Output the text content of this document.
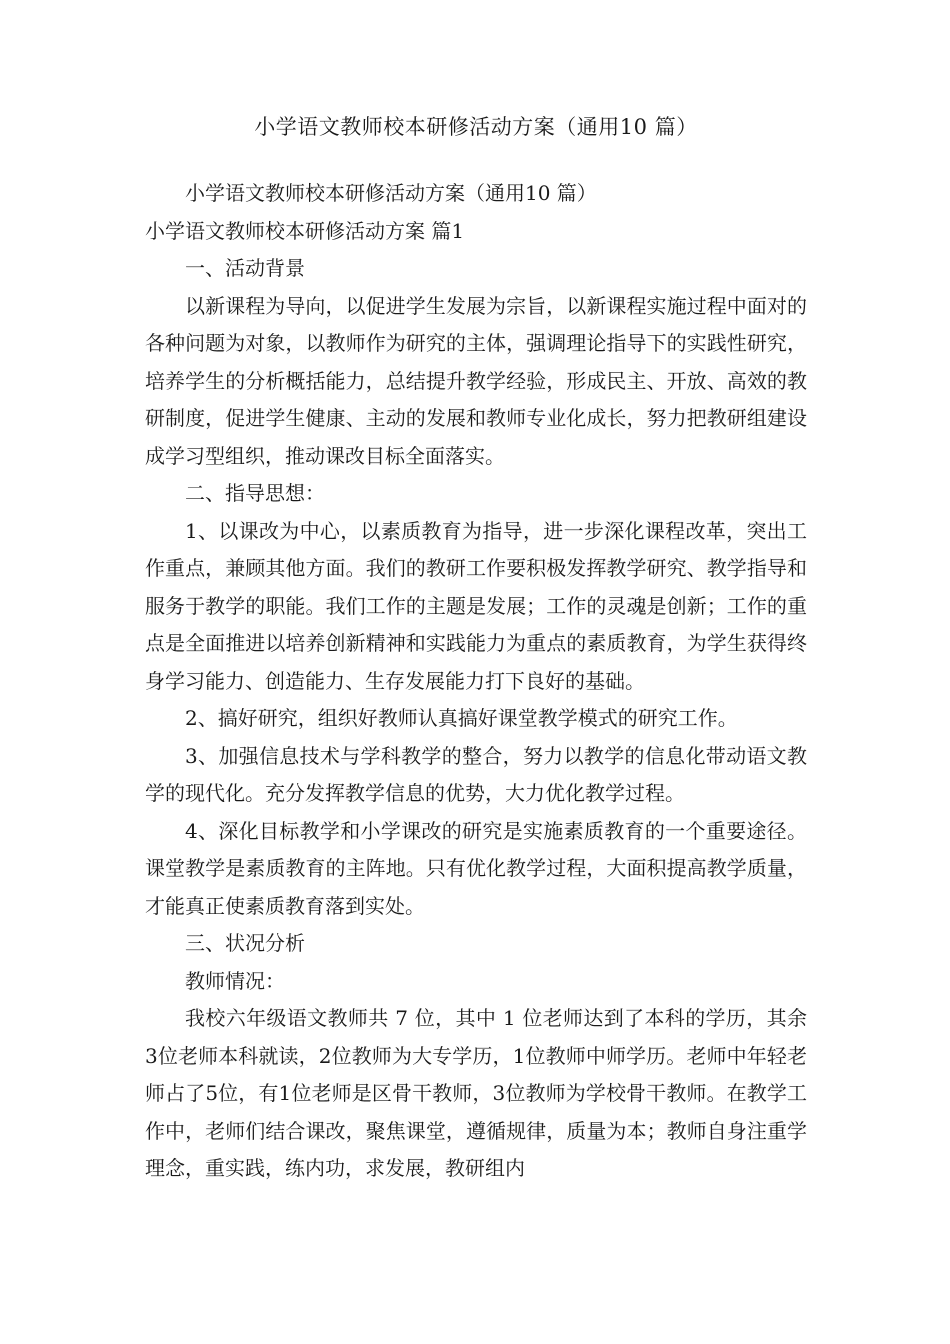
小学语文教师校本研修活动方案（通用10 篇）

小学语文教师校本研修活动方案（通用10 篇）

小学语文教师校本研修活动方案 篇1

一、活动背景

以新课程为导向，以促进学生发展为宗旨，以新课程实施过程中面对的各种问题为对象，以教师作为研究的主体，强调理论指导下的实践性研究，培养学生的分析概括能力，总结提升教学经验，形成民主、开放、高效的教研制度，促进学生健康、主动的发展和教师专业化成长，努力把教研组建设成学习型组织，推动课改目标全面落实。

二、指导思想：

1、以课改为中心，以素质教育为指导，进一步深化课程改革，突出工作重点，兼顾其他方面。我们的教研工作要积极发挥教学研究、教学指导和服务于教学的职能。我们工作的主题是发展；工作的灵魂是创新；工作的重点是全面推进以培养创新精神和实践能力为重点的素质教育，为学生获得终身学习能力、创造能力、生存发展能力打下良好的基础。

2、搞好研究，组织好教师认真搞好课堂教学模式的研究工作。

3、加强信息技术与学科教学的整合，努力以教学的信息化带动语文教学的现代化。充分发挥教学信息的优势，大力优化教学过程。

4、深化目标教学和小学课改的研究是实施素质教育的一个重要途径。课堂教学是素质教育的主阵地。只有优化教学过程，大面积提高教学质量，才能真正使素质教育落到实处。

三、状况分析

教师情况：

我校六年级语文教师共 7 位，其中 1 位老师达到了本科的学历，其余3位老师本科就读，2位教师为大专学历，1位教师中师学历。老师中年轻老师占了5位，有1位老师是区骨干教师，3位教师为学校骨干教师。在教学工作中，老师们结合课改，聚焦课堂，遵循规律，质量为本；教师自身注重学理念，重实践，练内功，求发展，教研组内
